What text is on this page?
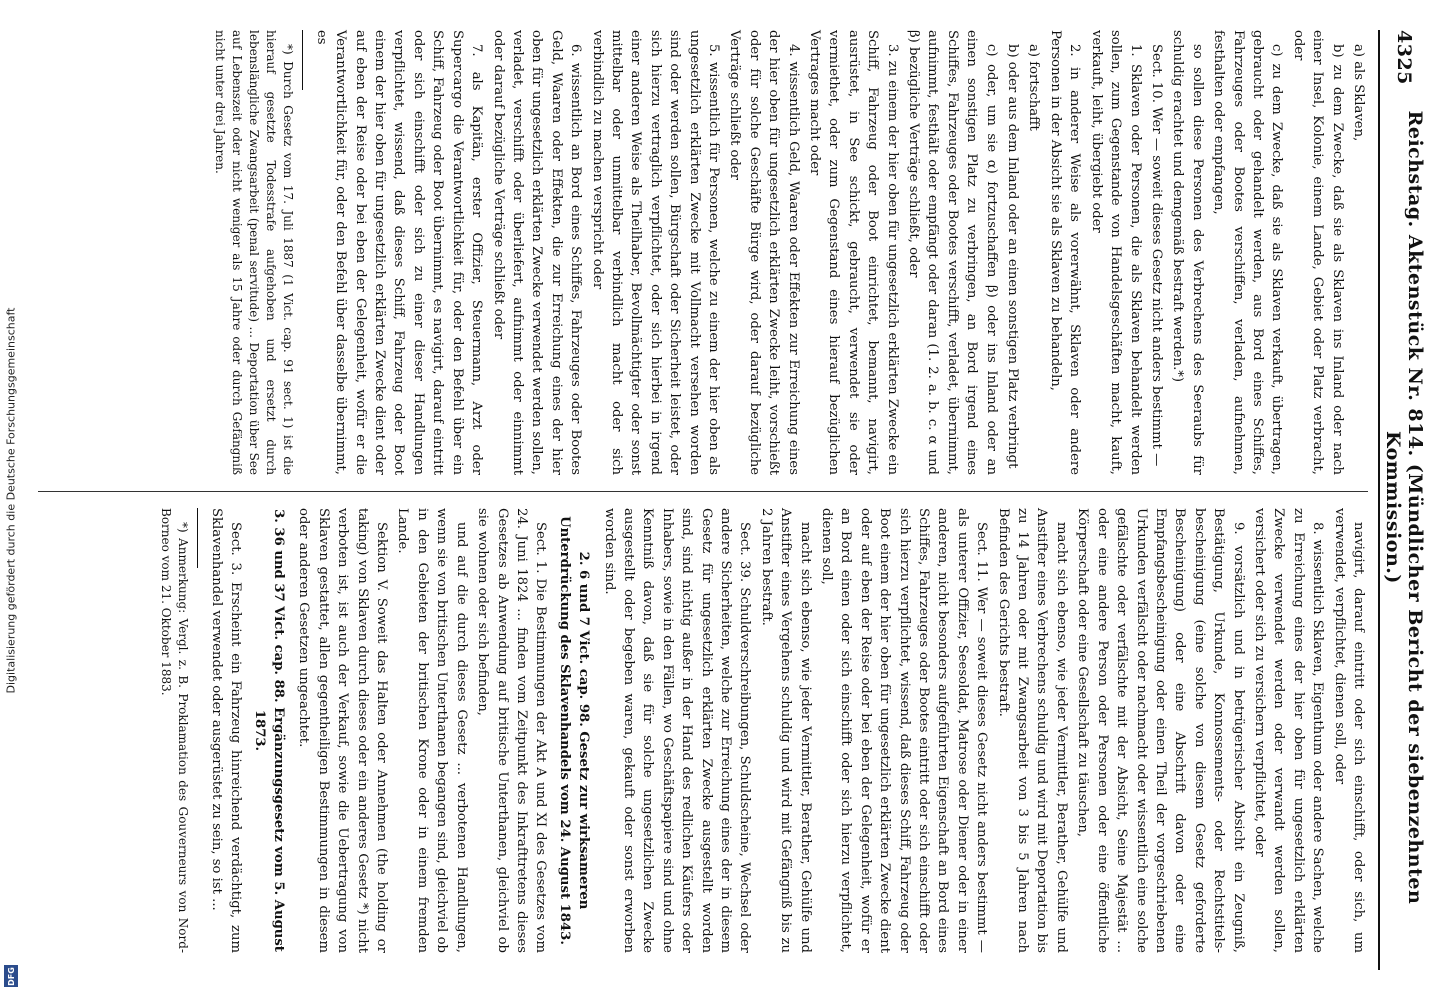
Digitalisierung gefördert durch die Deutsche Forschungsgemeinschaft
DFG
4325
Reichstag. Aktenstück Nr. 814. (Mündlicher Bericht der siebenzehnten Kommission.)

a) als Sklaven,

b) zu dem Zwecke, daß sie als Sklaven ins Inland oder nach einer Insel, Kolonie, einem Lande, Gebiet oder Platz verbracht, oder

c) zu dem Zwecke, daß sie als Sklaven verkauft, übertragen, gebraucht oder gehandelt werden, aus Bord eines Schiffes, Fahrzeuges oder Bootes verschiffen, verladen, aufnehmen, festhalten oder empfangen,

so sollen diese Personen des Verbrechens des Seeraubs für schuldig erachtet und demgemäß bestraft werden.*)

Sect. 10. Wer — soweit dieses Gesetz nicht anders bestimmt —

1. Sklaven oder Personen, die als Sklaven behandelt werden sollen, zum Gegenstande von Handelsgeschäften macht, kauft, verkauft, leiht, übergiebt oder

2. in anderer Weise als vorerwähnt, Sklaven oder andere Personen in der Absicht sie als Sklaven zu behandeln,

a) fortschafft

b) oder aus dem Inland oder an einen sonstigen Platz verbringt

c) oder, um sie α) fortzuschaffen β) oder ins Inland oder an einen sonstigen Platz zu verbringen, an Bord irgend eines Schiffes, Fahrzeuges oder Bootes verschifft, verladet, übernimmt, aufnimmt, festhält oder empfängt oder daran (1. 2. a. b. c. α und β) bezügliche Verträge schließt, oder

3. zu einem der hier oben für ungesetzlich erklärten Zwecke ein Schiff, Fahrzeug oder Boot einrichtet, bemannt, navigirt, ausrüstet, in See schickt, gebraucht, verwendet sie oder vermiethet, oder zum Gegenstand eines hierauf bezüglichen Vertrages macht oder

4. wissentlich Geld, Waaren oder Effekten zur Erreichung eines der hier oben für ungesetzlich erklärten Zwecke leiht, vorschießt oder für solche Geschäfte Bürge wird, oder darauf bezügliche Verträge schließt oder

5. wissentlich für Personen, welche zu einem der hier oben als ungesetzlich erklärten Zwecke mit Vollmacht versehen worden sind oder werden sollen, Bürgschaft oder Sicherheit leistet, oder sich hierzu vertraglich verpflichtet, oder sich hierbei in irgend einer anderen Weise als Theilhaber, Bevollmächtigter oder sonst mittelbar oder unmittelbar verbindlich macht oder sich verbindlich zu machen verspricht oder

6. wissentlich an Bord eines Schiffes, Fahrzeuges oder Bootes Geld, Waaren oder Effekten, die zur Erreichung eines der hier oben für ungesetzlich erklärten Zwecke verwendet werden sollen, verladet, verschifft oder überliefert, aufnimmt oder einnimmt oder darauf bezügliche Verträge schließt oder

7. als Kapitän, erster Offizier, Steuermann, Arzt oder Supercargo die Verantwortlichkeit für, oder den Befehl über ein Schiff, Fahrzeug oder Boot übernimmt, es navigirt, darauf eintritt oder sich einschifft oder sich zu einer dieser Handlungen verpflichtet, wissend, daß dieses Schiff, Fahrzeug oder Boot einem der hier oben für ungesetzlich erklärten Zwecke dient oder auf eben der Reise oder bei eben der Gelegenheit, wofür er die Verantwortlichkeit für, oder den Befehl über dasselbe übernimmt, es

*) Durch Gesetz vom 17. Juli 1887 (1 Vict. cap. 91 sect. 1) ist die hierauf gesetzte Todesstrafe aufgehoben und ersetzt durch lebenslängliche Zwangsarbeit (penal servitude) ... Deportation über See auf Lebenszeit oder nicht weniger als 15 Jahre oder durch Gefängniß nicht unter drei Jahren.

navigirt, darauf eintritt oder sich einschifft, oder sich, um verwendet, verpflichtet, dienen soll, oder

8. wissentlich Sklaven, Eigenthum oder andere Sachen, welche zu Erreichung eines der hier oben für ungesetzlich erklärten Zwecke verwendet werden oder verwandt werden sollen, versichert oder sich zu versichern verpflichtet, oder

9. vorsätzlich und in betrügerischer Absicht ein Zeugniß, Bestätigung, Urkunde, Konnossements- oder Rechtstitels-bescheinigung (eine solche von diesem Gesetz geforderte Bescheinigung) oder eine Abschrift davon oder eine Empfangsbescheinigung oder einen Theil der vorgeschriebenen Urkunden verfälscht oder nachmacht oder wissentlich eine solche gefälschte oder verfälschte mit der Absicht, Seine Majestät ... oder eine andere Person oder Personen oder eine öffentliche Körperschaft oder eine Gesellschaft zu täuschen,

macht sich ebenso, wie jeder Vermittler, Berather, Gehülfe und Anstifter eines Verbrechens schuldig und wird mit Deportation bis zu 14 Jahren oder mit Zwangsarbeit von 3 bis 5 Jahren nach Befinden des Gerichts bestraft.

Sect. 11. Wer — soweit dieses Gesetz nicht anders bestimmt — als unterer Offizier, Seesoldat, Matrose oder Diener oder in einer anderen, nicht besonders aufgeführten Eigenschaft an Bord eines Schiffes, Fahrzeuges oder Bootes eintritt oder sich einschifft oder sich hierzu verpflichtet, wissend, daß dieses Schiff, Fahrzeug oder Boot einem der hier oben für ungesetzlich erklärten Zwecke dient oder auf eben der Reise oder bei eben der Gelegenheit, wofür er an Bord einen oder sich einschifft oder sich hierzu verpflichtet, dienen soll,

macht sich ebenso, wie jeder Vermittler, Berather, Gehülfe und Anstifter eines Vergehens schuldig und wird mit Gefängniß bis zu 2 Jahren bestraft.

Sect. 39. Schuldverschreibungen, Schuldscheine, Wechsel oder andere Sicherheiten, welche zur Erreichung eines der in diesem Gesetz für ungesetzlich erklärten Zwecke ausgestellt worden sind, sind nichtig außer in der Hand des redlichen Käufers oder Inhabers, sowie in den Fällen, wo Geschäftspapiere sind und ohne Kenntniß davon, daß sie für solche ungesetzlichen Zwecke ausgestellt oder begeben waren, gekauft oder sonst erworben worden sind.

2. 6 und 7 Vict. cap. 98. Gesetz zur wirksameren Unterdrückung des Sklavenhandels vom 24. August 1843.

Sect. 1. Die Bestimmungen der Akt A und XI des Gesetzes vom 24. Juni 1824 ... finden vom Zeitpunkt des Inkrafttretens dieses Gesetzes ab Anwendung auf britische Unterthanen, gleichviel ob sie wohnen oder sich befinden,

und auf die durch dieses Gesetz ... verbotenen Handlungen, wenn sie von britischen Unterthanen begangen sind, gleichviel ob in den Gebieten der britischen Krone oder in einem fremden Lande.

Sektion V. Soweit das Halten oder Annehmen (the holding or taking) von Sklaven durch dieses oder ein anderes Gesetz *) nicht verboten ist, ist auch der Verkauf, sowie die Uebertragung von Sklaven gestattet, allen gegentheiligen Bestimmungen in diesem oder anderen Gesetzen ungeachtet.

3. 36 und 37 Vict. cap. 88. Ergänzungsgesetz vom 5. August 1873.

Sect. 3. Erscheint ein Fahrzeug hinreichend verdächtigt, zum Sklavenhandel verwendet oder ausgerüstet zu sein, so ist ...

*) Anmerkung: Vergl. z. B. Proklamation des Gouverneurs von Nord-Borneo vom 21. Oktober 1883.
